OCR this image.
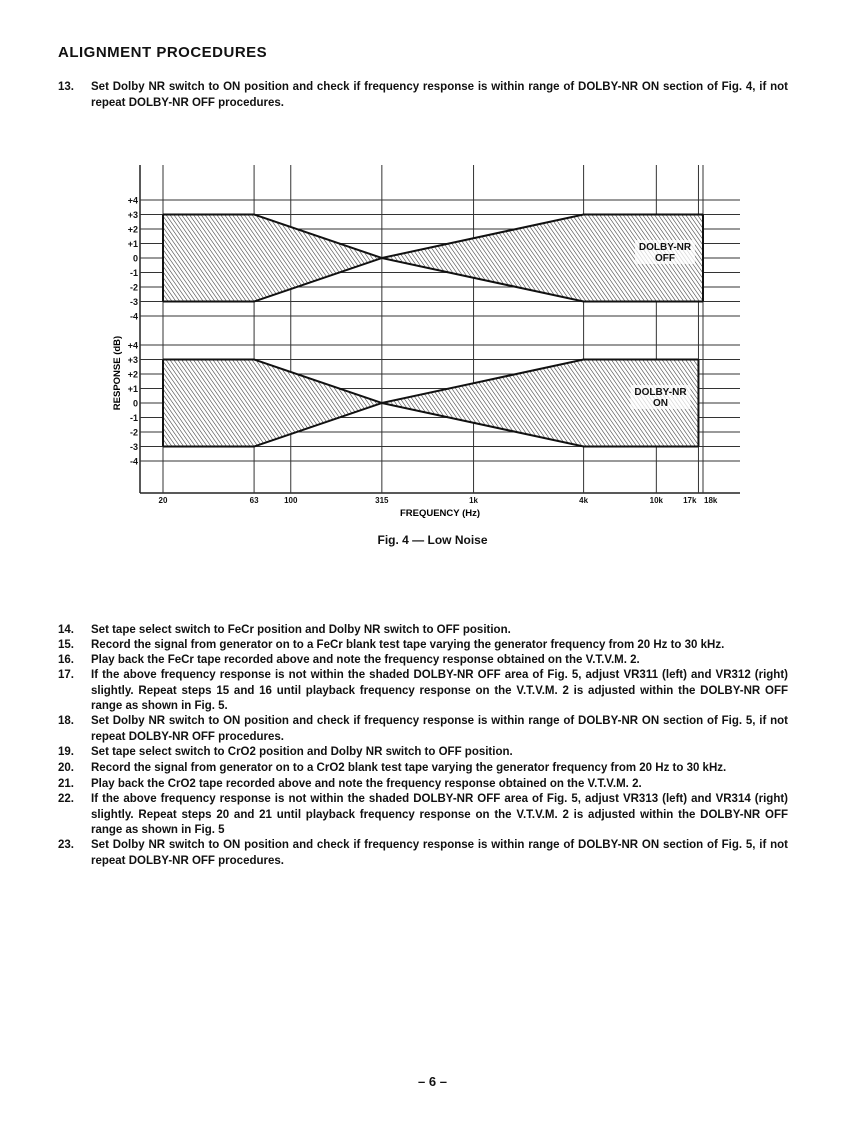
ALIGNMENT PROCEDURES
13.	Set Dolby NR switch to ON position and check if frequency response is within range of DOLBY-NR ON section of Fig. 4, if not repeat DOLBY-NR OFF procedures.
DOLBY-NR
OFF
DOLBY-NR
ON
+4
+3
+2
+1
0
-1
-2
-3
-4
+4
+3
+2
+1
0
-1
-2
-3
-4
20	63	100	315	1k	4k	10k	17k 18k
RESPONSE (dB)
FREQUENCY (Hz)
Fig. 4 — Low Noise
14.	Set tape select switch to FeCr position and Dolby NR switch to OFF position.
15.	Record the signal from generator on to a FeCr blank test tape varying the generator frequency from 20 Hz to 30 kHz.
16.	Play back the FeCr tape recorded above and note the frequency response obtained on the V.T.V.M. 2.
17.	If the above frequency response is not within the shaded DOLBY-NR OFF area of Fig. 5, adjust VR311 (left) and VR312 (right) slightly. Repeat steps 15 and 16 until playback frequency response on the V.T.V.M. 2 is adjusted within the DOLBY-NR OFF range as shown in Fig. 5.
18.	Set Dolby NR switch to ON position and check if frequency response is within range of DOLBY-NR ON section of Fig. 5, if not repeat DOLBY-NR OFF procedures.
19.	Set tape select switch to CrO2 position and Dolby NR switch to OFF position.
20.	Record the signal from generator on to a CrO2 blank test tape varying the generator frequency from 20 Hz to 30 kHz.
21.	Play back the CrO2 tape recorded above and note the frequency response obtained on the V.T.V.M. 2.
22.	If the above frequency response is not within the shaded DOLBY-NR OFF area of Fig. 5, adjust VR313 (left) and VR314 (right) slightly. Repeat steps 20 and 21 until playback frequency response on the V.T.V.M. 2 is adjusted within the DOLBY-NR OFF range as shown in Fig. 5
23.	Set Dolby NR switch to ON position and check if frequency response is within range of DOLBY-NR ON section of Fig. 5, if not repeat DOLBY-NR OFF procedures.
– 6 –
